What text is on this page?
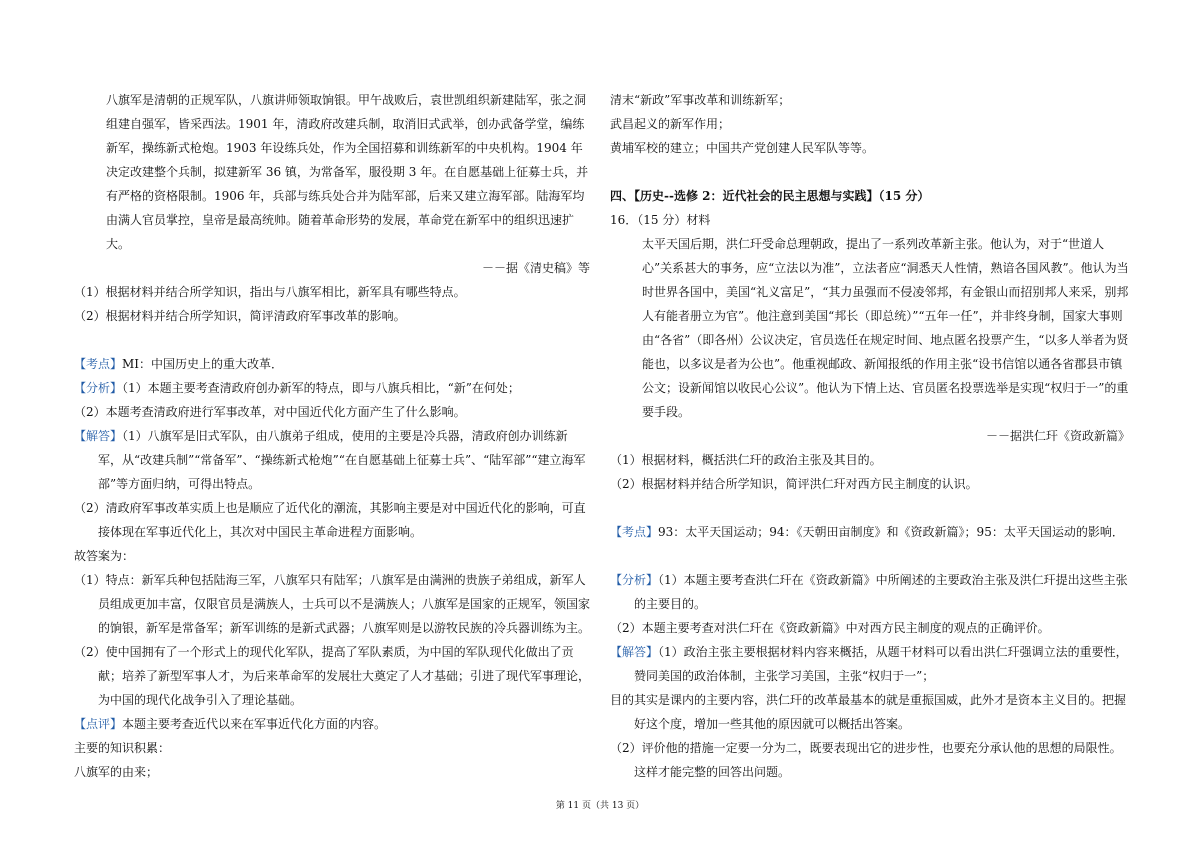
八旗军是清朝的正规军队，八旗讲师领取饷银。甲午战败后，袁世凯组织新建陆军，张之洞组建自强军，皆采西法。1901 年，清政府改建兵制，取消旧式武举，创办武备学堂，编练新军，操练新式枪炮。1903 年设练兵处，作为全国招募和训练新军的中央机构。1904 年决定改建整个兵制，拟建新军 36 镇，为常备军，服役期 3 年。在自愿基础上征募士兵，并有严格的资格限制。1906 年，兵部与练兵处合并为陆军部，后来又建立海军部。陆海军均由满人官员掌控，皇帝是最高统帅。随着革命形势的发展，革命党在新军中的组织迅速扩大。

－－据《清史稿》等

（1）根据材料并结合所学知识，指出与八旗军相比，新军具有哪些特点。

（2）根据材料并结合所学知识，简评清政府军事改革的影响。

【考点】MI：中国历史上的重大改革．

【分析】（1）本题主要考查清政府创办新军的特点，即与八旗兵相比，“新”在何处；

（2）本题考查清政府进行军事改革，对中国近代化方面产生了什么影响。

【解答】（1）八旗军是旧式军队，由八旗弟子组成，使用的主要是冷兵器，清政府创办训练新军，从“改建兵制”“常备军”、“操练新式枪炮”“在自愿基础上征募士兵”、“陆军部”“建立海军部”等方面归纳，可得出特点。

（2）清政府军事改革实质上也是顺应了近代化的潮流，其影响主要是对中国近代化的影响，可直接体现在军事近代化上，其次对中国民主革命进程方面影响。

故答案为：

（1）特点：新军兵种包括陆海三军，八旗军只有陆军；八旗军是由满洲的贵族子弟组成，新军人员组成更加丰富，仅限官员是满族人，士兵可以不是满族人；八旗军是国家的正规军，领国家的饷银，新军是常备军；新军训练的是新式武器；八旗军则是以游牧民族的冷兵器训练为主。

（2）使中国拥有了一个形式上的现代化军队，提高了军队素质，为中国的军队现代化做出了贡献；培养了新型军事人才，为后来革命军的发展壮大奠定了人才基础；引进了现代军事理论，为中国的现代化战争引入了理论基础。

【点评】本题主要考查近代以来在军事近代化方面的内容。

主要的知识积累：

八旗军的由来；

清末“新政”军事改革和训练新军；

武昌起义的新军作用；

黄埔军校的建立；中国共产党创建人民军队等等。

四、【历史--选修 2：近代社会的民主思想与实践】（15 分）

16．（15 分）材料

太平天国后期，洪仁玕受命总理朝政，提出了一系列改革新主张。他认为，对于“世道人心”关系甚大的事务，应“立法以为准”，立法者应“洞悉天人性情，熟谙各国风教”。他认为当时世界各国中，美国“礼义富足”，“其力虽强而不侵凌邻邦，有金银山而招别邦人来采，别邦人有能者册立为官”。他注意到美国“邦长（即总统）”“五年一任”，并非终身制，国家大事则由“各省”（即各州）公议决定，官员选任在规定时间、地点匿名投票产生，“以多人举者为贤能也，以多议是者为公也”。他重视邮政、新闻报纸的作用主张“设书信馆以通各省郡县市镇公文；设新闻馆以收民心公议”。他认为下情上达、官员匿名投票选举是实现“权归于一”的重要手段。

－－据洪仁玕《资政新篇》

（1）根据材料，概括洪仁玕的政治主张及其目的。

（2）根据材料并结合所学知识，简评洪仁玕对西方民主制度的认识。

【考点】93：太平天国运动；94：《天朝田亩制度》和《资政新篇》；95：太平天国运动的影响．

【分析】（1）本题主要考查洪仁玕在《资政新篇》中所阐述的主要政治主张及洪仁玕提出这些主张的主要目的。

（2）本题主要考查对洪仁玕在《资政新篇》中对西方民主制度的观点的正确评价。

【解答】（1）政治主张主要根据材料内容来概括，从题干材料可以看出洪仁玕强调立法的重要性，赞同美国的政治体制，主张学习美国，主张“权归于一”；

目的其实是课内的主要内容，洪仁玕的改革最基本的就是重振国威，此外才是资本主义目的。把握好这个度，增加一些其他的原因就可以概括出答案。

（2）评价他的措施一定要一分为二，既要表现出它的进步性，也要充分承认他的思想的局限性。这样才能完整的回答出问题。

第 11 页（共 13 页）
